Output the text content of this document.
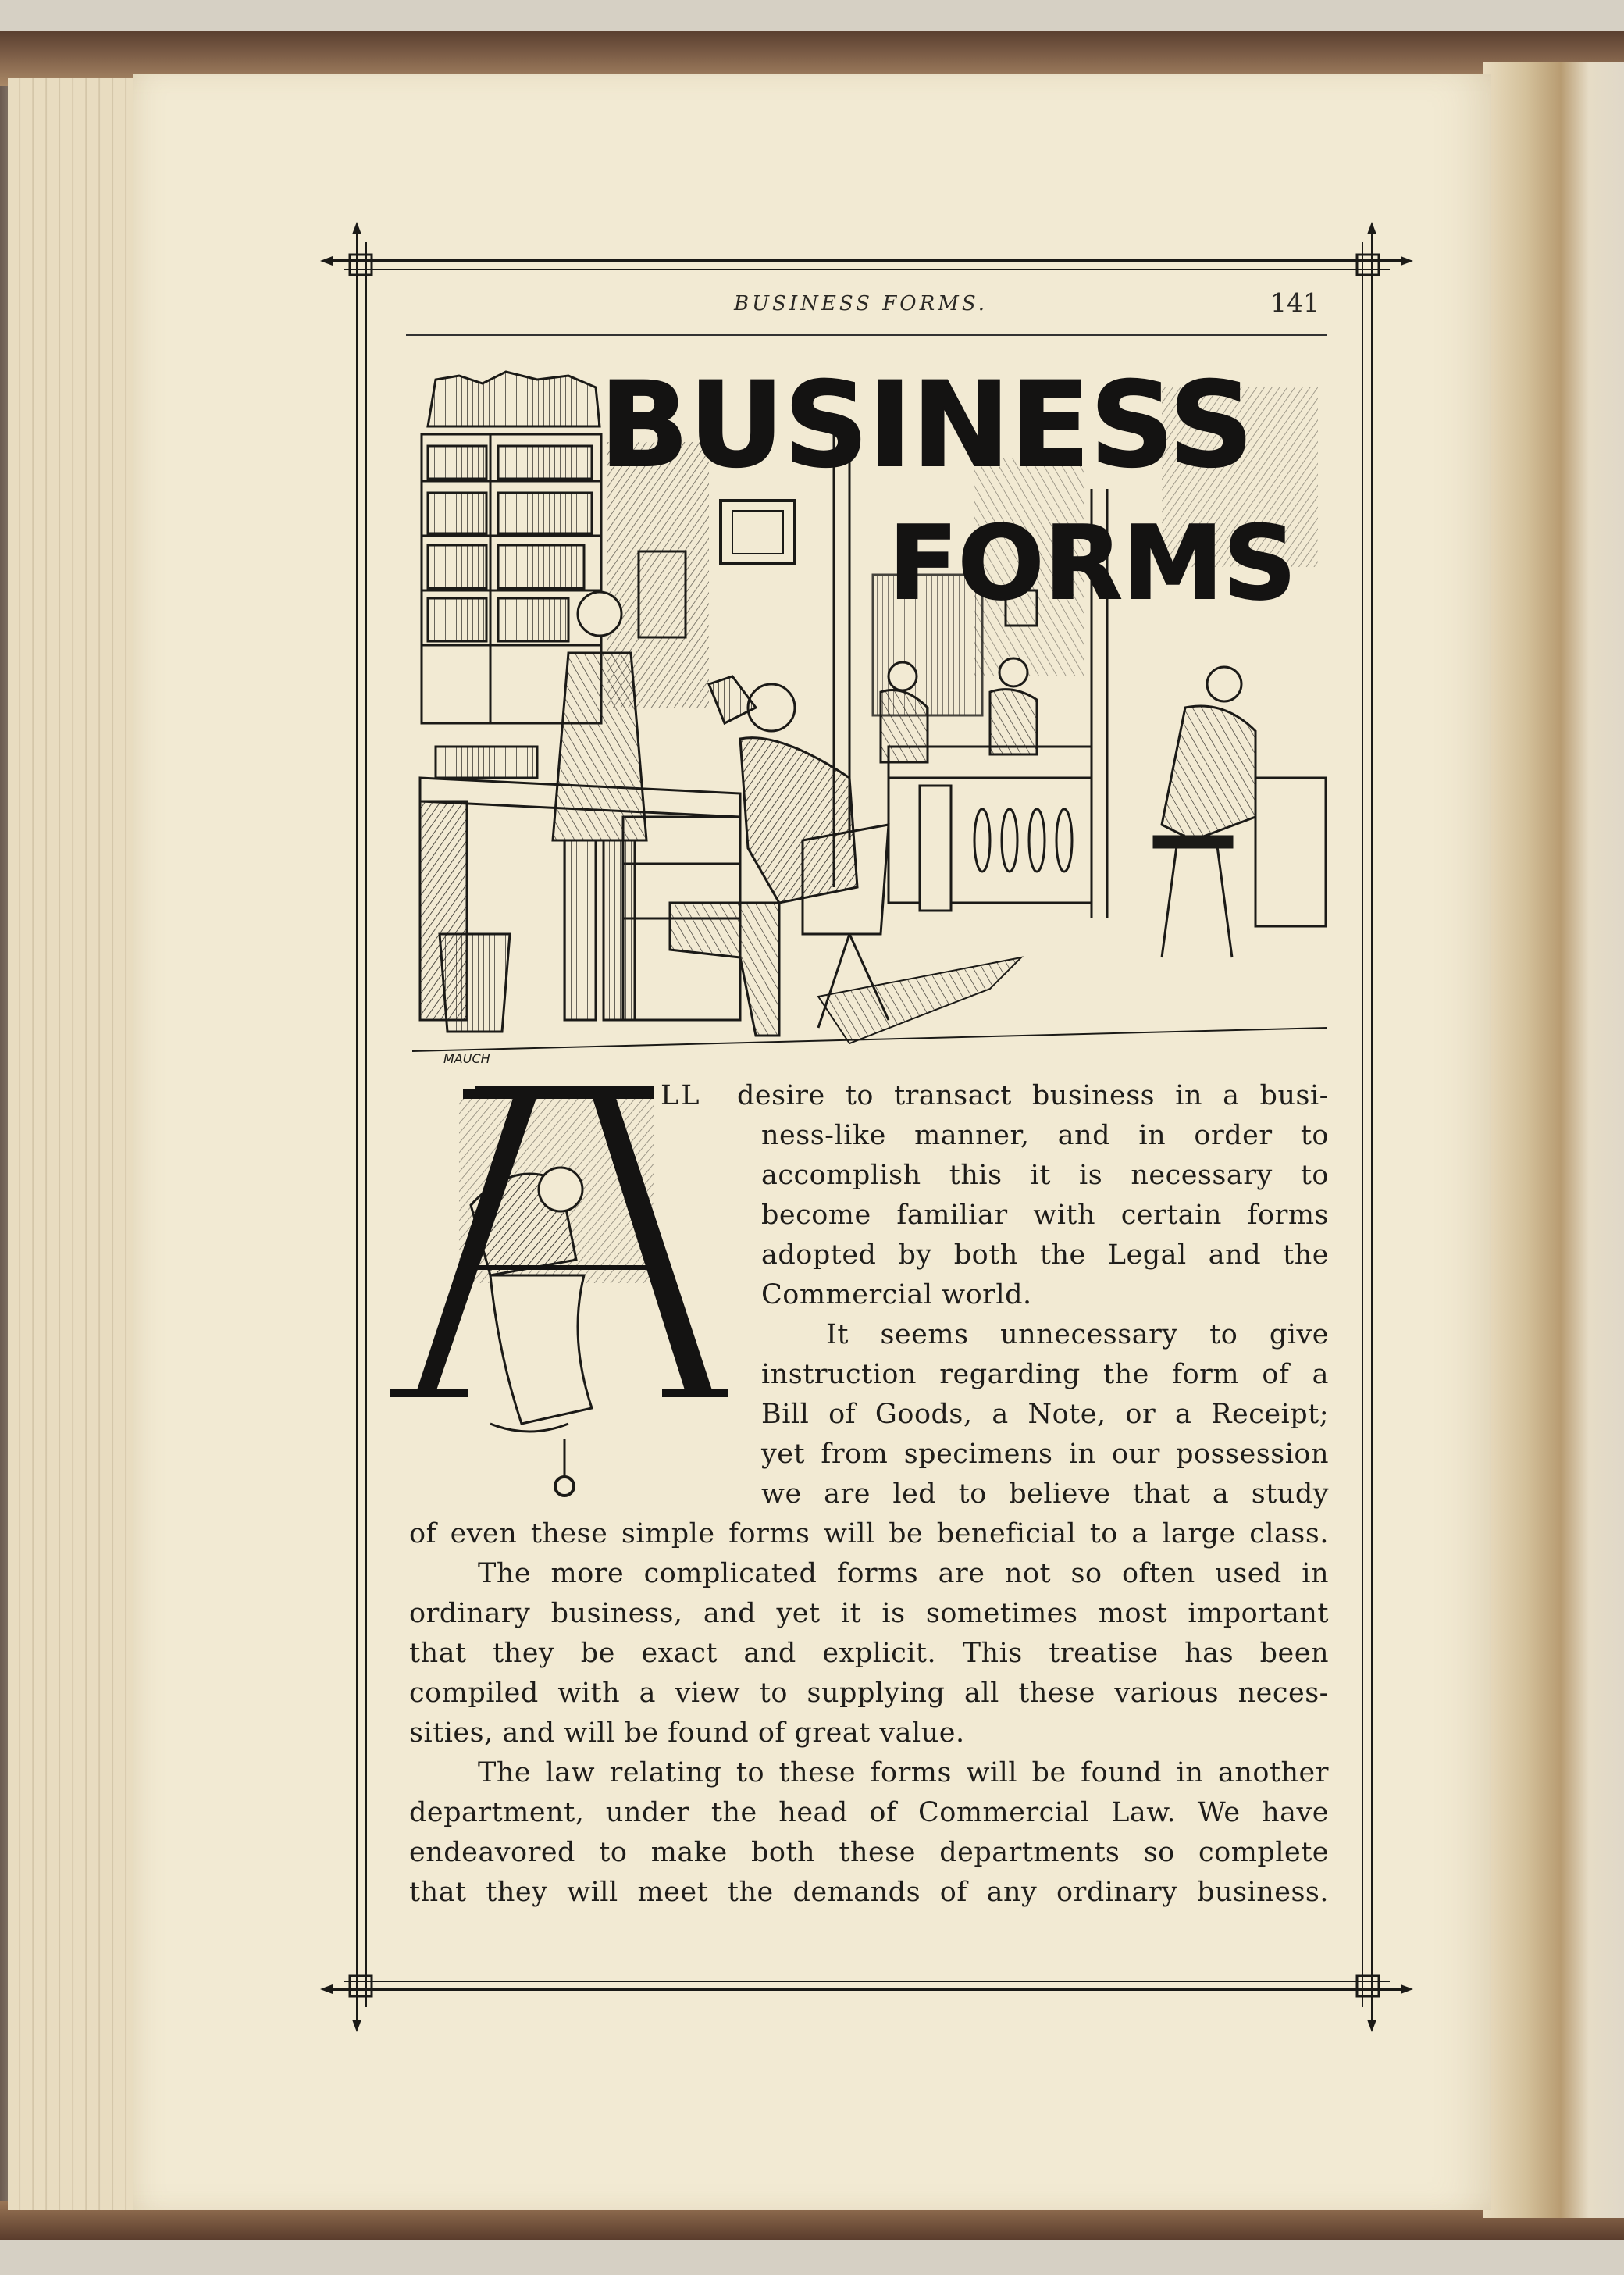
BUSINESS FORMS.	141
BUSINESS
FORMS
MAUCH
LL desire to transact business in a busi-
ness-like manner, and in order to
accomplish this it is necessary to
become familiar with certain forms
adopted by both the Legal and the
Commercial world.
It seems unnecessary to give
instruction regarding the form of a
Bill of Goods, a Note, or a Receipt;
yet from specimens in our possession
we are led to believe that a study
of even these simple forms will be beneficial to a large class.
The more complicated forms are not so often used in
ordinary business, and yet it is sometimes most important
that they be exact and explicit. This treatise has been
compiled with a view to supplying all these various neces-
sities, and will be found of great value.
The law relating to these forms will be found in another
department, under the head of Commercial Law. We have
endeavored to make both these departments so complete
that they will meet the demands of any ordinary business.
